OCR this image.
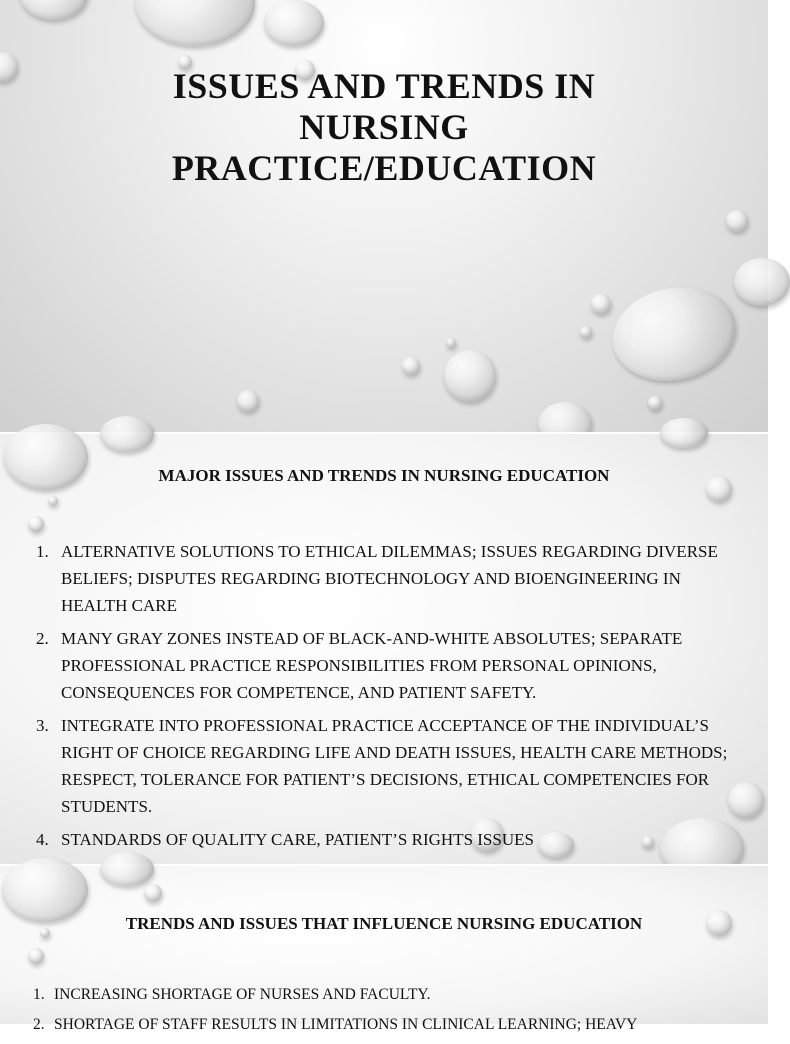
ISSUES AND TRENDS IN
NURSING
PRACTICE/EDUCATION
MAJOR ISSUES AND TRENDS IN NURSING EDUCATION
1. ALTERNATIVE SOLUTIONS TO ETHICAL DILEMMAS; ISSUES REGARDING DIVERSE BELIEFS; DISPUTES REGARDING BIOTECHNOLOGY AND BIOENGINEERING IN HEALTH CARE
2. MANY GRAY ZONES INSTEAD OF BLACK-AND-WHITE ABSOLUTES; SEPARATE PROFESSIONAL PRACTICE RESPONSIBILITIES FROM PERSONAL OPINIONS, CONSEQUENCES FOR COMPETENCE, AND PATIENT SAFETY.
3. INTEGRATE INTO PROFESSIONAL PRACTICE ACCEPTANCE OF THE INDIVIDUAL’S RIGHT OF CHOICE REGARDING LIFE AND DEATH ISSUES, HEALTH CARE METHODS; RESPECT, TOLERANCE FOR PATIENT’S DECISIONS, ETHICAL COMPETENCIES FOR STUDENTS.
4. STANDARDS OF QUALITY CARE, PATIENT’S RIGHTS ISSUES
TRENDS AND ISSUES THAT INFLUENCE NURSING EDUCATION
1. INCREASING SHORTAGE OF NURSES AND FACULTY.
2. SHORTAGE OF STAFF RESULTS IN LIMITATIONS IN CLINICAL LEARNING; HEAVY
